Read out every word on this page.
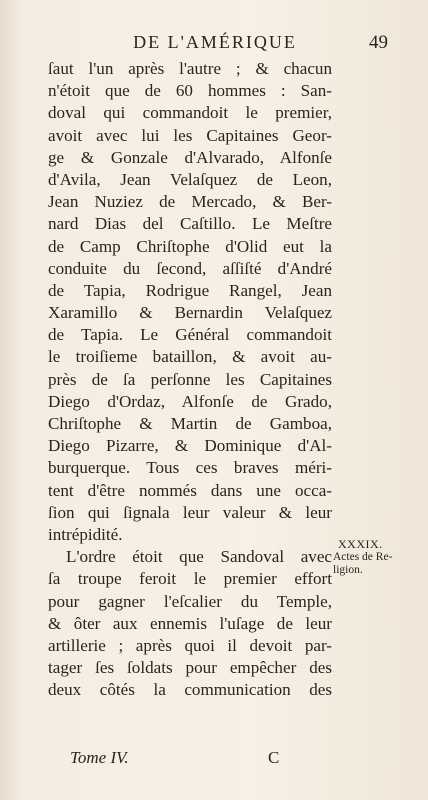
DE L'AMÉRIQUE	49
ſaut l'un après l'autre ; & chacun
n'étoit que de 60 hommes : San-
doval qui commandoit le premier,
avoit avec lui les Capitaines Geor-
ge & Gonzale d'Alvarado, Alfonſe
d'Avila, Jean Velaſquez de Leon,
Jean Nuziez de Mercado, & Ber-
nard Dias del Caſtillo. Le Meſtre
de Camp Chriſtophe d'Olid eut la
conduite du ſecond, aſſiſté d'André
de Tapia, Rodrigue Rangel, Jean
Xaramillo & Bernardin Velaſquez
de Tapia. Le Général commandoit
le troiſieme bataillon, & avoit au-
près de ſa perſonne les Capitaines
Diego d'Ordaz, Alfonſe de Grado,
Chriſtophe & Martin de Gamboa,
Diego Pizarre, & Dominique d'Al-
burquerque. Tous ces braves méri-
tent d'être nommés dans une occa-
ſion qui ſignala leur valeur & leur
intrépidité.
L'ordre étoit que Sandoval avec
ſa troupe feroit le premier effort
pour gagner l'eſcalier du Temple,
& ôter aux ennemis l'uſage de leur
artillerie ; après quoi il devoit par-
tager ſes ſoldats pour empêcher des
deux côtés la communication des
XXXIX.
Actes de Re-
ligion.
Tome IV.	C
